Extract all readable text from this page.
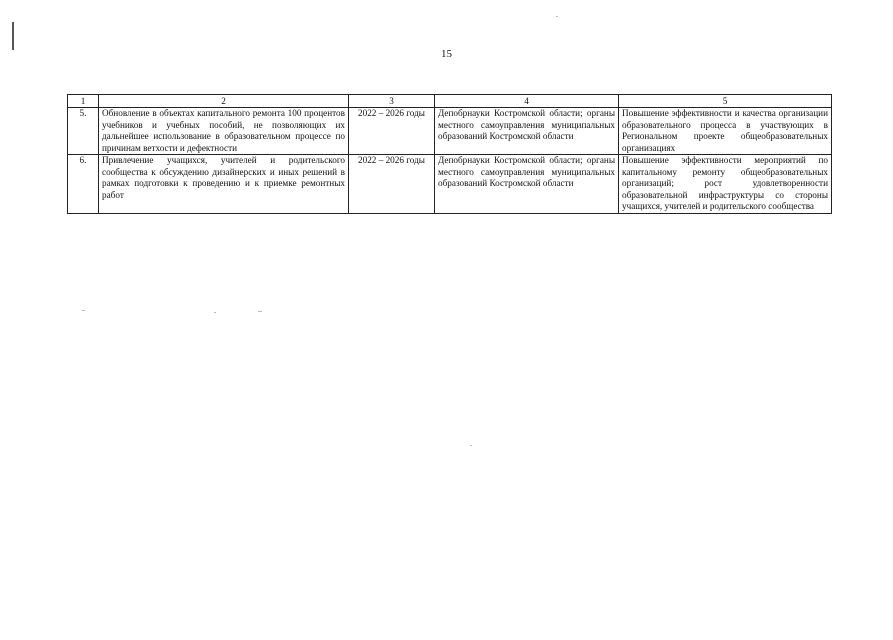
15
1	2	3	4	5
5.	Обновление в объектах капитального ремонта 100 процентов учебников и учебных пособий, не позволяющих их дальнейшее использование в образовательном процессе по причинам ветхости и дефектности	2022 – 2026 годы	Депобрнауки Костромской области; органы местного самоуправления муниципальных образований Костромской области	Повышение эффективности и качества организации образовательного процесса в участвующих в Региональном проекте общеобразовательных организациях
6.	Привлечение учащихся, учителей и родительского сообщества к обсуждению дизайнерских и иных решений в рамках подготовки к проведению и к приемке ремонтных работ	2022 – 2026 годы	Депобрнауки Костромской области; органы местного самоуправления муниципальных образований Костромской области	Повышение эффективности мероприятий по капитальному ремонту общеобразовательных организаций; рост удовлетворенности образовательной инфраструктуры со стороны учащихся, учителей и родительского сообщества
